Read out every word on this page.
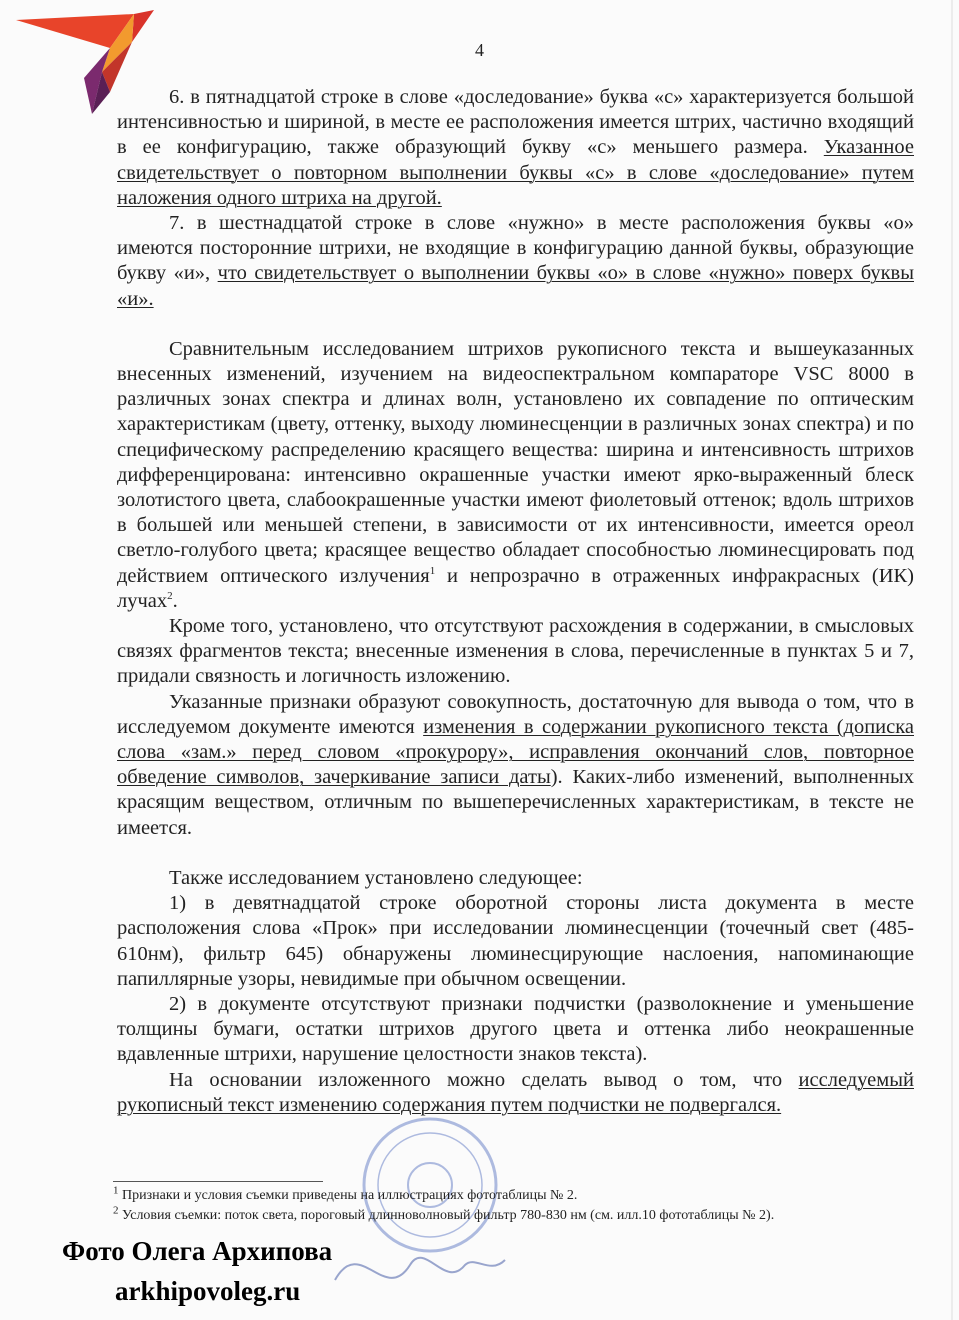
4

6. в пятнадцатой строке в слове «доследование» буква «с» характеризуется большой интенсивностью и шириной, в месте ее расположения имеется штрих, частично входящий в ее конфигурацию, также образующий букву «с» меньшего размера. Указанное свидетельствует о повторном выполнении буквы «с» в слове «доследование» путем наложения одного штриха на другой.

7. в шестнадцатой строке в слове «нужно» в месте расположения буквы «о» имеются посторонние штрихи, не входящие в конфигурацию данной буквы, образующие букву «и», что свидетельствует о выполнении буквы «о» в слове «нужно» поверх буквы «и».

Сравнительным исследованием штрихов рукописного текста и вышеуказанных внесенных изменений, изучением на видеоспектральном компараторе VSC 8000 в различных зонах спектра и длинах волн, установлено их совпадение по оптическим характеристикам (цвету, оттенку, выходу люминесценции в различных зонах спектра) и по специфическому распределению красящего вещества: ширина и интенсивность штрихов дифференцирована: интенсивно окрашенные участки имеют ярко-выраженный блеск золотистого цвета, слабоокрашенные участки имеют фиолетовый оттенок; вдоль штрихов в большей или меньшей степени, в зависимости от их интенсивности, имеется ореол светло-голубого цвета; красящее вещество обладает способностью люминесцировать под действием оптического излучения$^1$ и непрозрачно в отраженных инфракрасных (ИК) лучах$^2$.

Кроме того, установлено, что отсутствуют расхождения в содержании, в смысловых связях фрагментов текста; внесенные изменения в слова, перечисленные в пунктах 5 и 7, придали связность и логичность изложению.

Указанные признаки образуют совокупность, достаточную для вывода о том, что в исследуемом документе имеются изменения в содержании рукописного текста (дописка слова «зам.» перед словом «прокурору», исправления окончаний слов, повторное обведение символов, зачеркивание записи даты). Каких-либо изменений, выполненных красящим веществом, отличным по вышеперечисленных характеристикам, в тексте не имеется.

Также исследованием установлено следующее:

1) в девятнадцатой строке оборотной стороны листа документа в месте расположения слова «Прок» при исследовании люминесценции (точечный свет (485-610нм), фильтр 645) обнаружены люминесцирующие наслоения, напоминающие папиллярные узоры, невидимые при обычном освещении.

2) в документе отсутствуют признаки подчистки (разволокнение и уменьшение толщины бумаги, остатки штрихов другого цвета и оттенка либо неокрашенные вдавленные штрихи, нарушение целостности знаков текста).

На основании изложенного можно сделать вывод о том, что исследуемый рукописный текст изменению содержания путем подчистки не подвергался.

$^1$ Признаки и условия съемки приведены на иллюстрациях фототаблицы № 2.
$^2$ Условия съемки: поток света, пороговый длинноволновый фильтр 780-830 нм (см. илл.10 фототаблицы № 2).
Фото Олега Архипова
arkhipovoleg.ru
